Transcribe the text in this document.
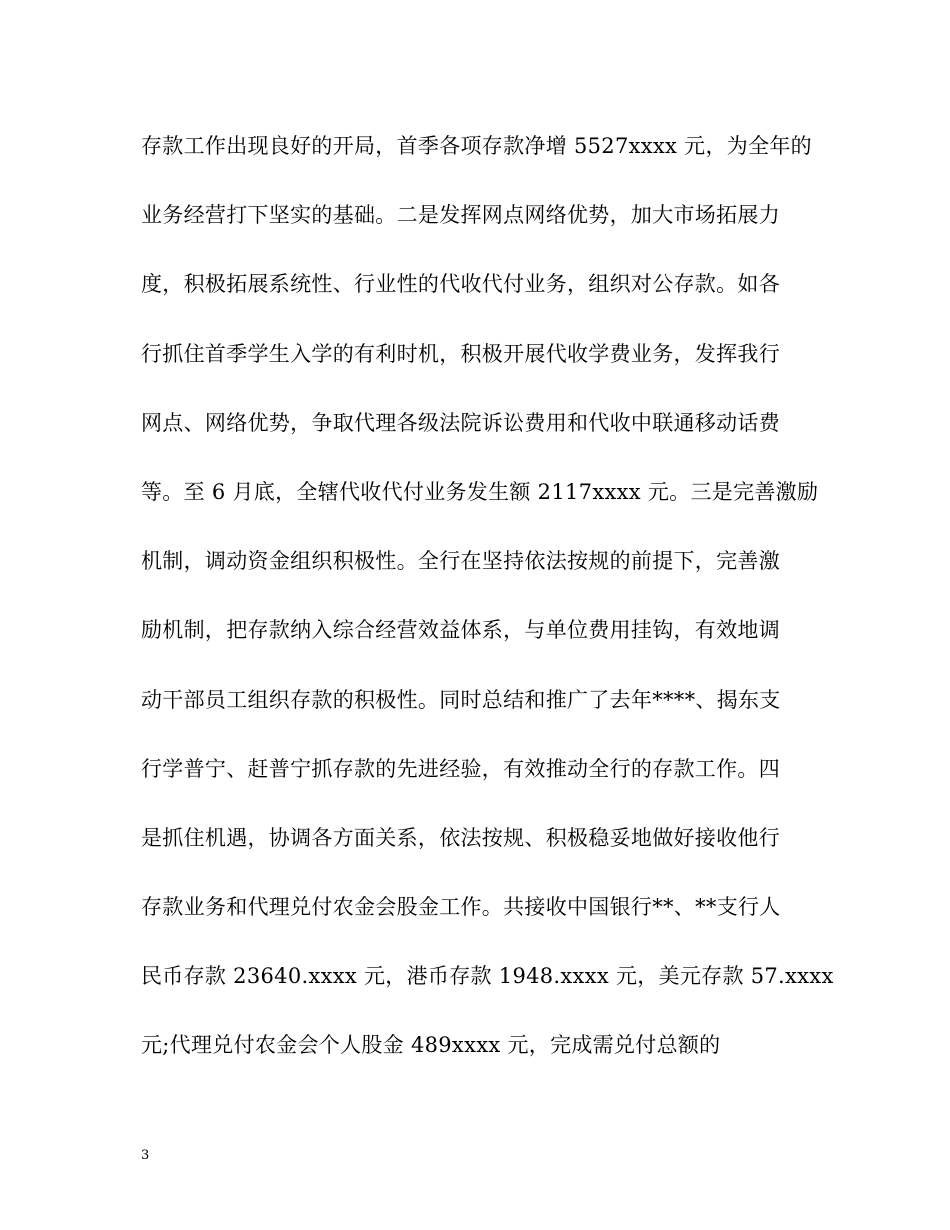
存款工作出现良好的开局，首季各项存款净增 5527xxxx 元，为全年的
业务经营打下坚实的基础。二是发挥网点网络优势，加大市场拓展力
度，积极拓展系统性、行业性的代收代付业务，组织对公存款。如各
行抓住首季学生入学的有利时机，积极开展代收学费业务，发挥我行
网点、网络优势，争取代理各级法院诉讼费用和代收中联通移动话费
等。至 6 月底，全辖代收代付业务发生额 2117xxxx 元。三是完善激励
机制，调动资金组织积极性。全行在坚持依法按规的前提下，完善激
励机制，把存款纳入综合经营效益体系，与单位费用挂钩，有效地调
动干部员工组织存款的积极性。同时总结和推广了去年****、揭东支
行学普宁、赶普宁抓存款的先进经验，有效推动全行的存款工作。四
是抓住机遇，协调各方面关系，依法按规、积极稳妥地做好接收他行
存款业务和代理兑付农金会股金工作。共接收中国银行**、**支行人
民币存款 23640.xxxx 元，港币存款 1948.xxxx 元，美元存款 57.xxxx
元;代理兑付农金会个人股金 489xxxx 元，完成需兑付总额的
3
